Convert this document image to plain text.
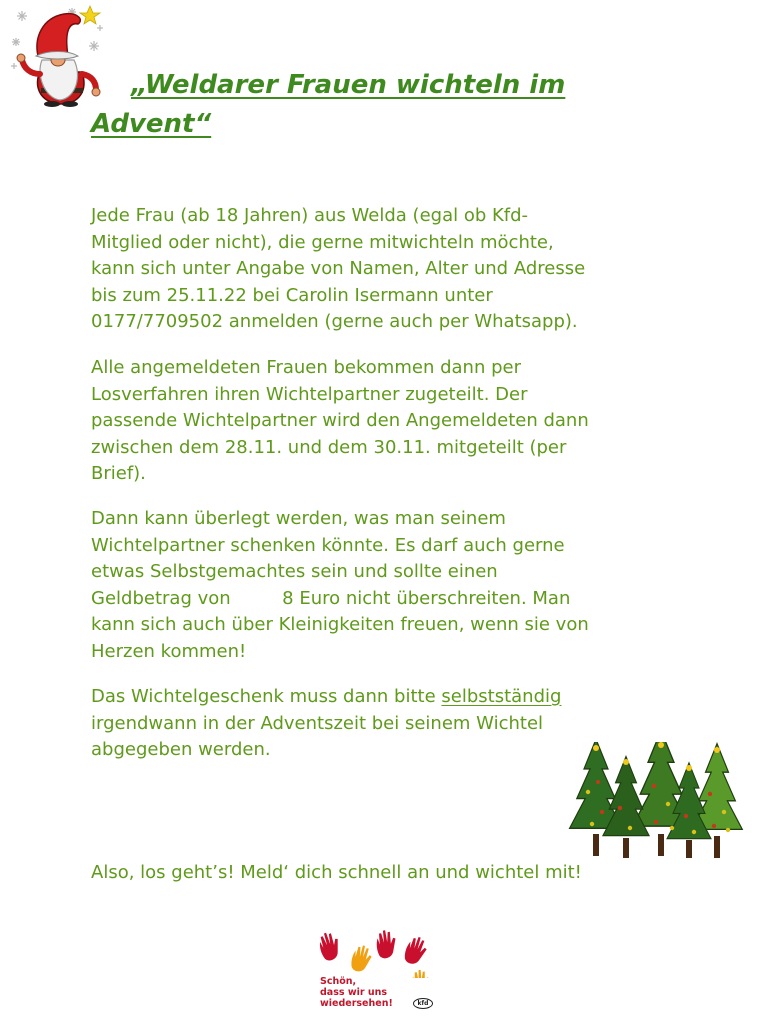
„Weldarer Frauen wichteln im
Advent“

Jede Frau (ab 18 Jahren) aus Welda (egal ob Kfd-
Mitglied oder nicht), die gerne mitwichteln möchte,
kann sich unter Angabe von Namen, Alter und Adresse
bis zum 25.11.22 bei Carolin Isermann unter
0177/7709502 anmelden (gerne auch per Whatsapp).

Alle angemeldeten Frauen bekommen dann per
Losverfahren ihren Wichtelpartner zugeteilt. Der
passende Wichtelpartner wird den Angemeldeten dann
zwischen dem 28.11. und dem 30.11. mitgeteilt (per
Brief).

Dann kann überlegt werden, was man seinem
Wichtelpartner schenken könnte. Es darf auch gerne
etwas Selbstgemachtes sein und sollte einen
Geldbetrag von         8 Euro nicht überschreiten. Man
kann sich auch über Kleinigkeiten freuen, wenn sie von
Herzen kommen!

Das Wichtelgeschenk muss dann bitte selbstständig
irgendwann in der Adventszeit bei seinem Wichtel
abgegeben werden.

Also, los geht’s! Meld‘ dich schnell an und wichtel mit!

Schön,
dass wir uns
wiedersehen!	kfd
